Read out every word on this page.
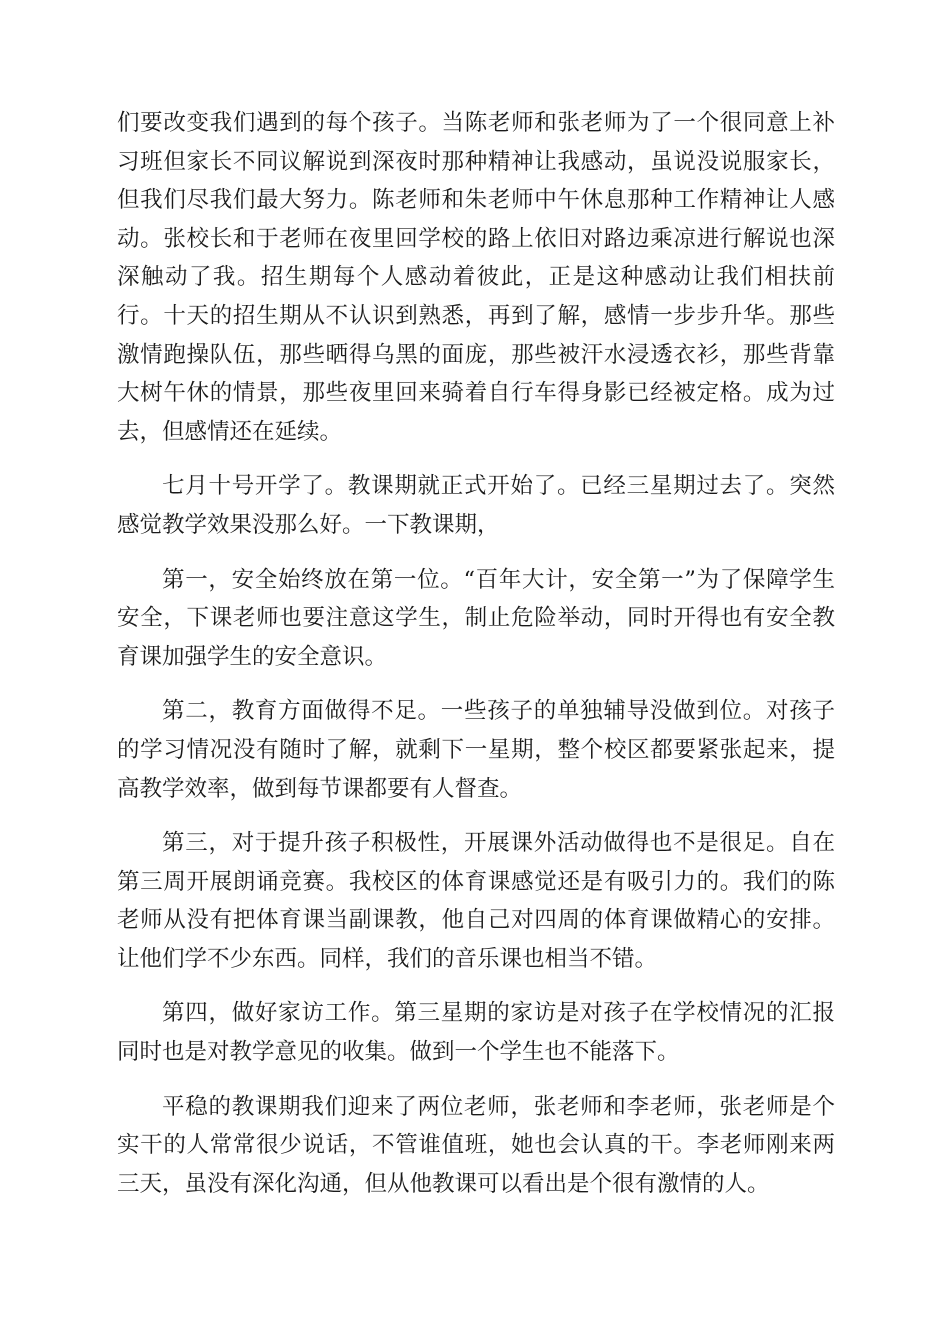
们要改变我们遇到的每个孩子。当陈老师和张老师为了一个很同意上补习班但家长不同议解说到深夜时那种精神让我感动，虽说没说服家长，但我们尽我们最大努力。陈老师和朱老师中午休息那种工作精神让人感动。张校长和于老师在夜里回学校的路上依旧对路边乘凉进行解说也深深触动了我。招生期每个人感动着彼此，正是这种感动让我们相扶前行。十天的招生期从不认识到熟悉，再到了解，感情一步步升华。那些激情跑操队伍，那些晒得乌黑的面庞，那些被汗水浸透衣衫，那些背靠大树午休的情景，那些夜里回来骑着自行车得身影已经被定格。成为过去，但感情还在延续。

七月十号开学了。教课期就正式开始了。已经三星期过去了。突然感觉教学效果没那么好。一下教课期，

第一，安全始终放在第一位。“百年大计，安全第一”为了保障学生安全，下课老师也要注意这学生，制止危险举动，同时开得也有安全教育课加强学生的安全意识。

第二，教育方面做得不足。一些孩子的单独辅导没做到位。对孩子的学习情况没有随时了解，就剩下一星期，整个校区都要紧张起来，提高教学效率，做到每节课都要有人督查。

第三，对于提升孩子积极性，开展课外活动做得也不是很足。自在第三周开展朗诵竞赛。我校区的体育课感觉还是有吸引力的。我们的陈老师从没有把体育课当副课教，他自己对四周的体育课做精心的安排。让他们学不少东西。同样，我们的音乐课也相当不错。

第四，做好家访工作。第三星期的家访是对孩子在学校情况的汇报同时也是对教学意见的收集。做到一个学生也不能落下。

平稳的教课期我们迎来了两位老师，张老师和李老师，张老师是个实干的人常常很少说话，不管谁值班，她也会认真的干。李老师刚来两三天，虽没有深化沟通，但从他教课可以看出是个很有激情的人。
